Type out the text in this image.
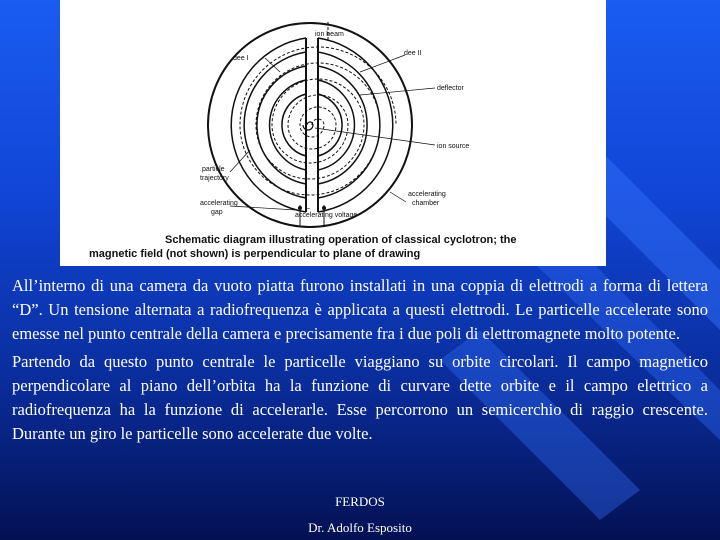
~
ion beam
dee I
dee II
deflector
ion source
particle
trajectory
accelerating
gap	accelerating voltage
accelerating
chamber
Schematic diagram illustrating operation of classical cyclotron; the
magnetic field (not shown) is perpendicular to plane of drawing

All’interno di una camera da vuoto piatta furono installati in una coppia di elettrodi a forma di lettera “D”. Un tensione alternata a radiofrequenza è applicata a questi elettrodi. Le particelle accelerate sono emesse nel punto centrale della camera e precisamente fra i due poli di elettromagnete molto potente.

Partendo da questo punto centrale le particelle viaggiano su orbite circolari. Il campo magnetico perpendicolare al piano dell’orbita ha la funzione di curvare dette orbite e il campo elettrico a radiofrequenza ha la funzione di accelerarle. Esse percorrono un semicerchio di raggio crescente. Durante un giro le particelle sono accelerate due volte.

FERDOS
Dr. Adolfo Esposito
